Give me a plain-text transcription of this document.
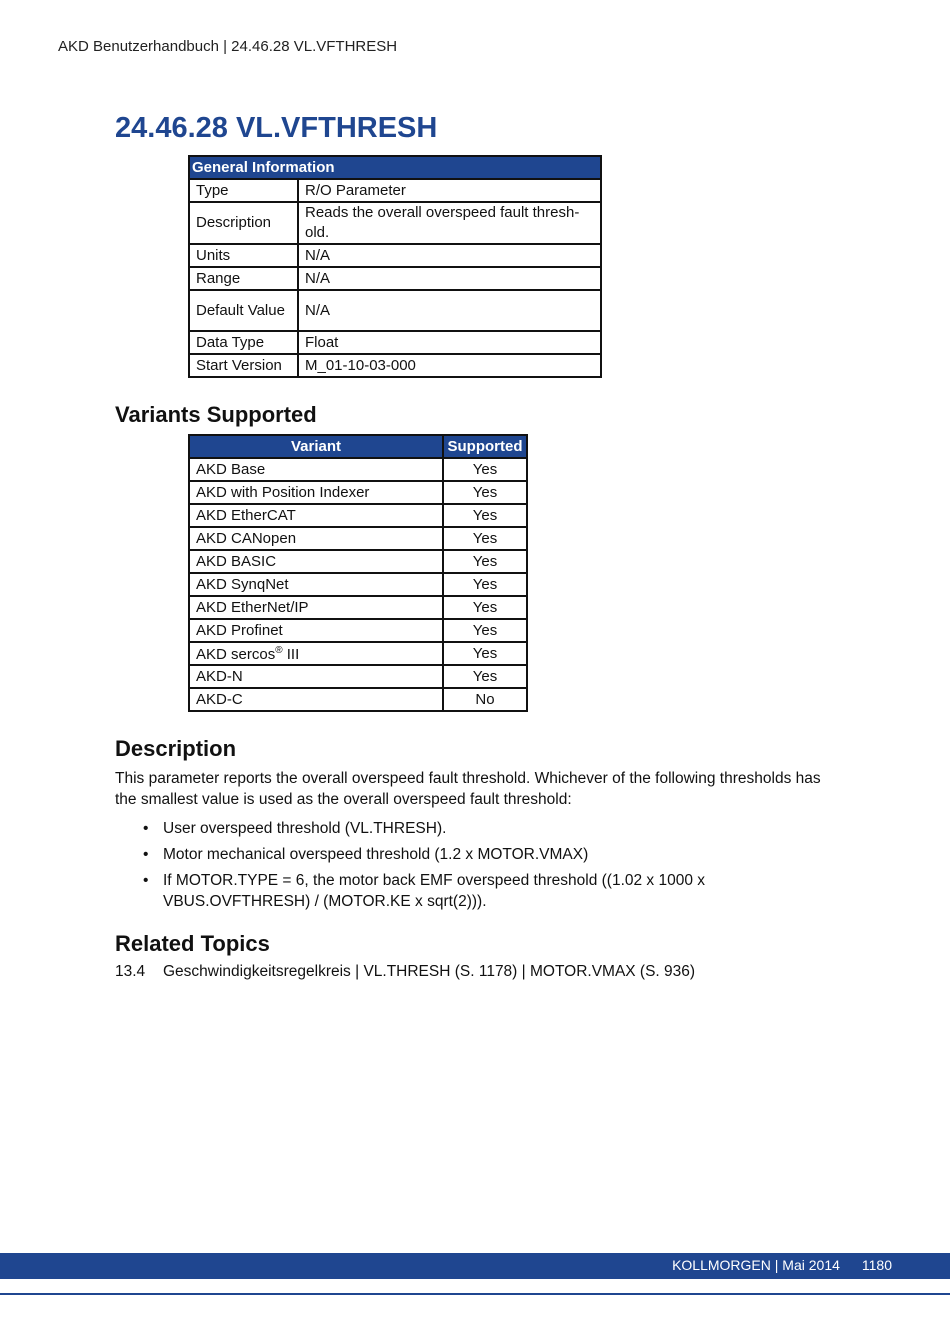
AKD Benutzerhandbuch | 24.46.28 VL.VFTHRESH
24.46.28 VL.VFTHRESH
General Information	
Type	R/O Parameter
Description	Reads the overall overspeed fault thresh-old.
Units	N/A
Range	N/A
Default Value	N/A
Data Type	Float
Start Version	M_01-10-03-000
Variants Supported
Variant	Supported
AKD Base	Yes
AKD with Position Indexer	Yes
AKD EtherCAT	Yes
AKD CANopen	Yes
AKD BASIC	Yes
AKD SynqNet	Yes
AKD EtherNet/IP	Yes
AKD Profinet	Yes
AKD sercos® III	Yes
AKD-N	Yes
AKD-C	No
Description

This parameter reports the overall overspeed fault threshold. Whichever of the following thresholds has the smallest value is used as the overall overspeed fault threshold:

• User overspeed threshold (VL.THRESH).
• Motor mechanical overspeed threshold (1.2 x MOTOR.VMAX)
• If MOTOR.TYPE = 6, the motor back EMF overspeed threshold ((1.02 x 1000 x VBUS.OVFTHRESH) / (MOTOR.KE x sqrt(2))).
Related Topics
13.4 Geschwindigkeitsregelkreis | VL.THRESH (S. 1178) | MOTOR.VMAX (S. 936)
KOLLMORGEN | Mai 2014 1180
